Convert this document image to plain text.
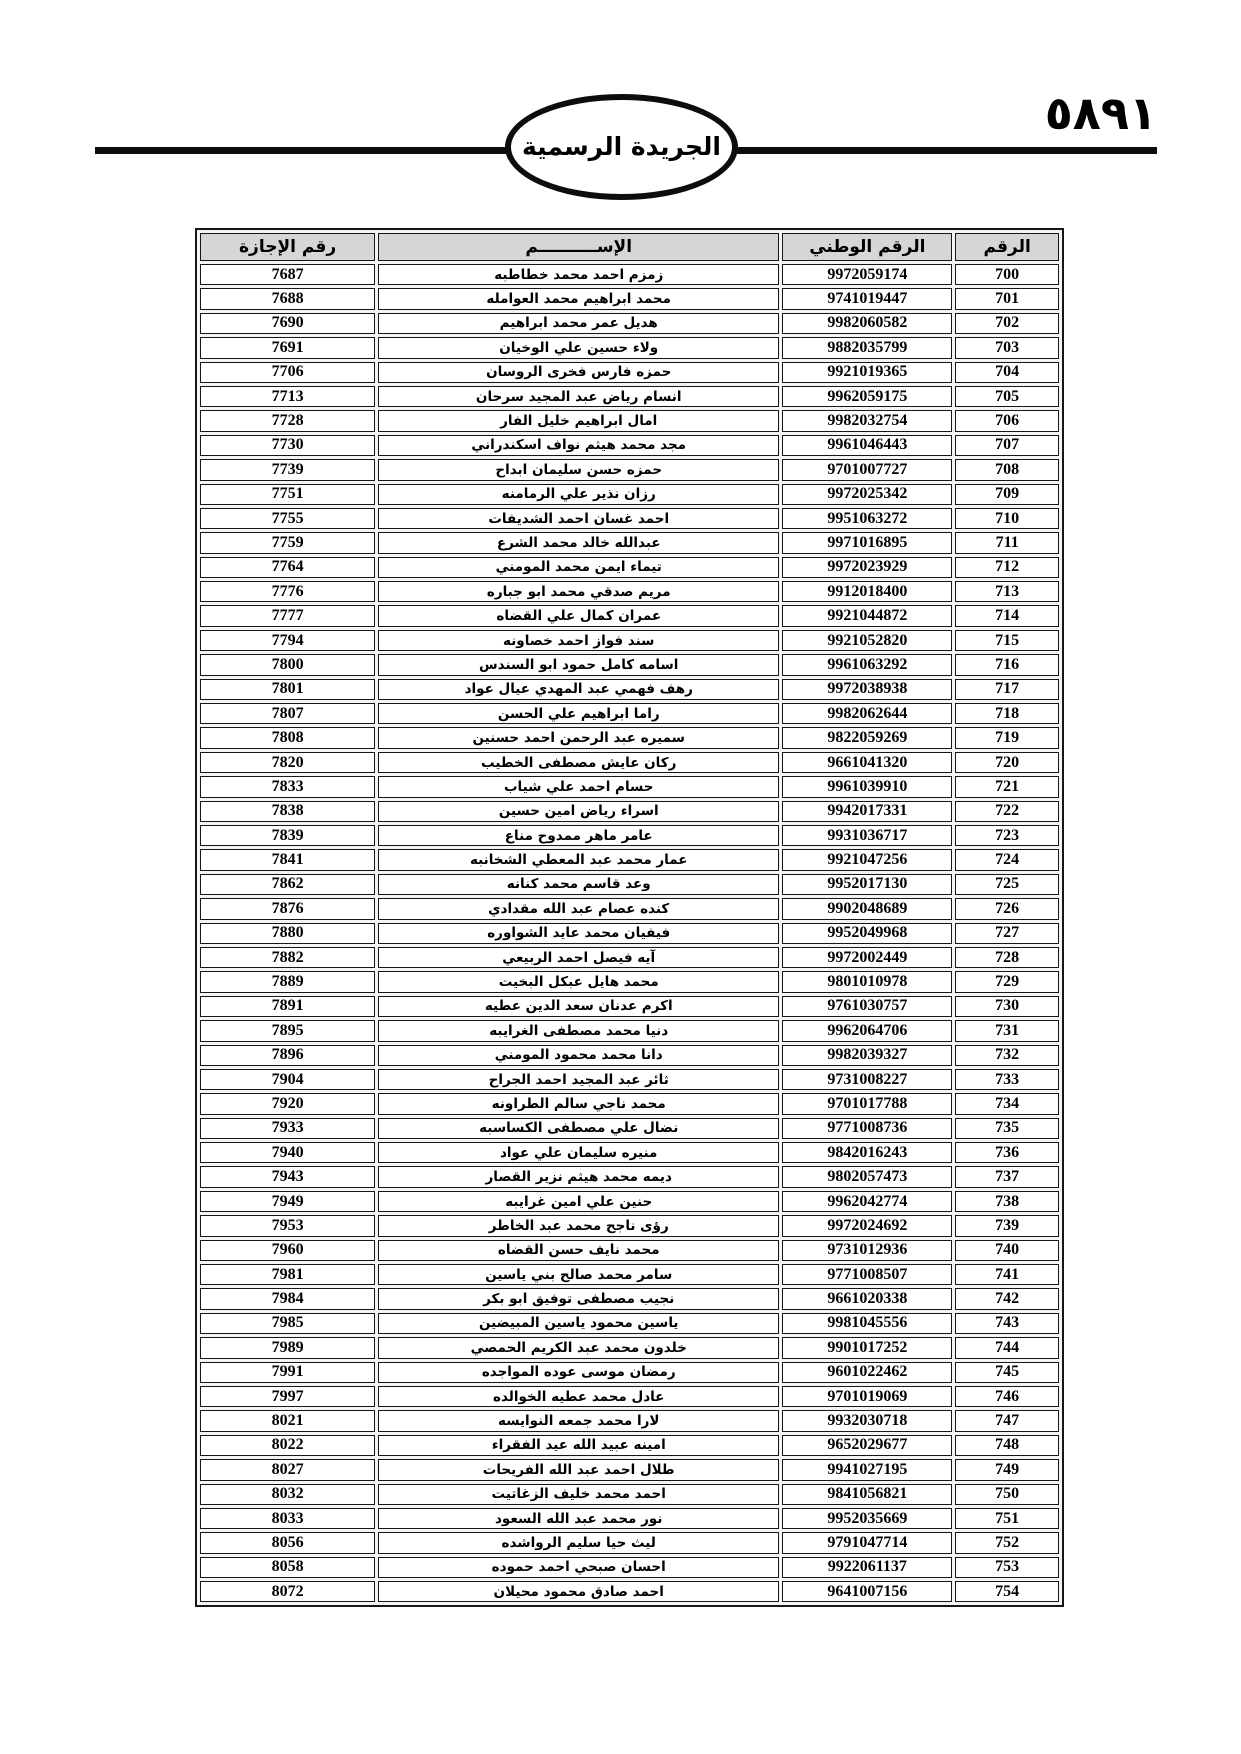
٥٨٩١
الجريدة الرسمية
الرقم	الرقم الوطني	الإســــــــــم	رقم الإجازة
700	9972059174	زمزم احمد محمد خطاطبه	7687
701	9741019447	محمد ابراهيم محمد العوامله	7688
702	9982060582	هديل عمر محمد ابراهيم	7690
703	9882035799	ولاء حسين علي الوخيان	7691
704	9921019365	حمزه فارس فخرى الروسان	7706
705	9962059175	انسام رياض عبد المجيد سرحان	7713
706	9982032754	امال ابراهيم خليل الفار	7728
707	9961046443	مجد محمد هيثم نواف اسكندراني	7730
708	9701007727	حمزه حسن سليمان ابداح	7739
709	9972025342	رزان نذير علي الرمامنه	7751
710	9951063272	احمد غسان احمد الشديفات	7755
711	9971016895	عبدالله خالد محمد الشرع	7759
712	9972023929	تيماء ايمن محمد المومني	7764
713	9912018400	مريم صدقي محمد ابو جباره	7776
714	9921044872	عمران كمال علي القضاه	7777
715	9921052820	سند فواز احمد خصاونه	7794
716	9961063292	اسامه كامل حمود ابو السندس	7800
717	9972038938	رهف فهمي عبد المهدي عيال عواد	7801
718	9982062644	راما ابراهيم علي الحسن	7807
719	9822059269	سميره عبد الرحمن احمد حسنين	7808
720	9661041320	ركان عايش مصطفى الخطيب	7820
721	9961039910	حسام احمد علي شياب	7833
722	9942017331	اسراء رياض امين حسين	7838
723	9931036717	عامر ماهر ممدوح مناع	7839
724	9921047256	عمار محمد عبد المعطي الشخانبه	7841
725	9952017130	وعد قاسم محمد كنانه	7862
726	9902048689	كنده عصام عبد الله مقدادي	7876
727	9952049968	فيفيان محمد عايد الشواوره	7880
728	9972002449	آيه فيصل احمد الربيعي	7882
729	9801010978	محمد هايل عبكل البخيت	7889
730	9761030757	اكرم عدنان سعد الدين عطيه	7891
731	9962064706	دنيا محمد مصطفى الغرايبه	7895
732	9982039327	دانا محمد محمود المومني	7896
733	9731008227	ثائر عبد المجيد احمد الجراح	7904
734	9701017788	محمد ناجي سالم الطراونه	7920
735	9771008736	نضال علي مصطفى الكساسبه	7933
736	9842016243	منيره سليمان علي عواد	7940
737	9802057473	ديمه محمد هيثم نزير القصار	7943
738	9962042774	حنين علي امين غرايبه	7949
739	9972024692	رؤى ناجح محمد عبد الخاطر	7953
740	9731012936	محمد نايف حسن القضاه	7960
741	9771008507	سامر محمد صالح بني ياسين	7981
742	9661020338	نجيب مصطفى توفيق ابو بكر	7984
743	9981045556	ياسين محمود ياسين المبيضين	7985
744	9901017252	خلدون محمد عبد الكريم الحمصي	7989
745	9601022462	رمضان موسى عوده المواجده	7991
746	9701019069	عادل محمد عطيه الخوالده	7997
747	9932030718	لارا محمد جمعه النوايسه	8021
748	9652029677	امينه عبيد الله عيد الفقراء	8022
749	9941027195	طلال احمد عبد الله الفريحات	8027
750	9841056821	احمد محمد خليف الزغاتيت	8032
751	9952035669	نور محمد عبد الله السعود	8033
752	9791047714	ليث حيا سليم الرواشده	8056
753	9922061137	احسان صبحي احمد حموده	8058
754	9641007156	احمد صادق محمود محيلان	8072
